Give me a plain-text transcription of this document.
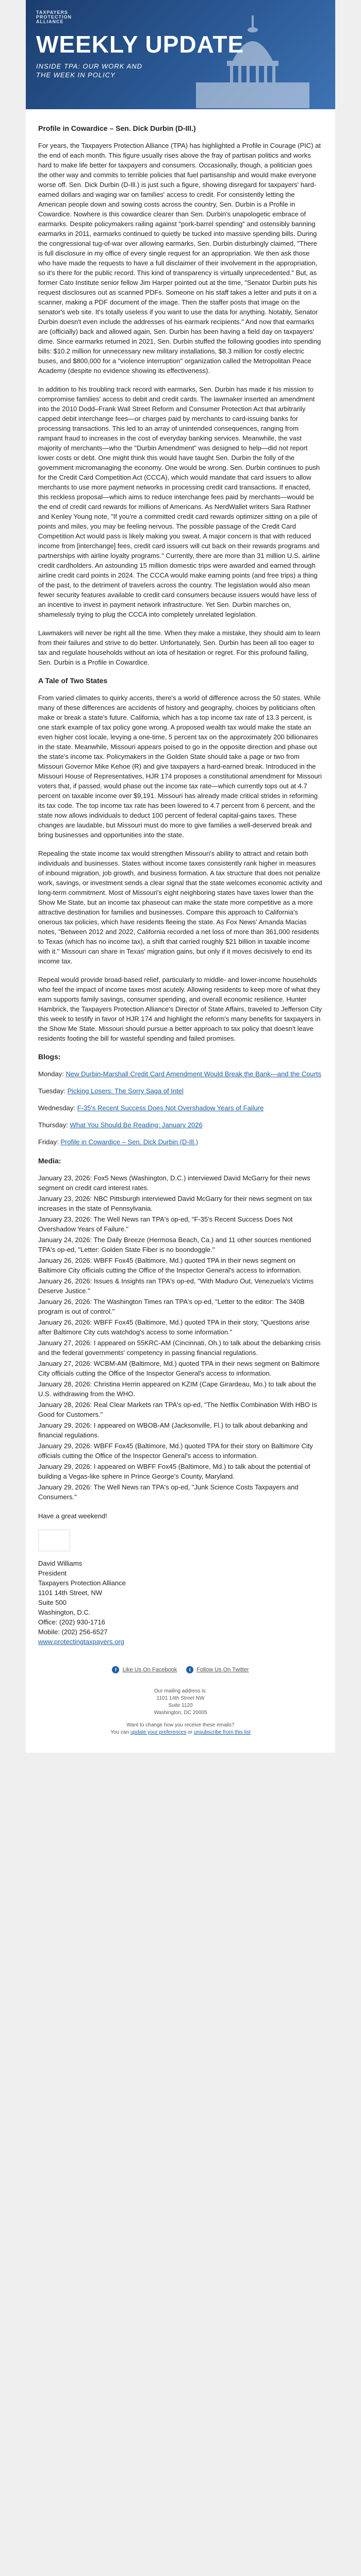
TAXPAYERS
PROTECTION
ALLIANCE
WEEKLY UPDATE
INSIDE TPA: OUR WORK AND THE WEEK IN POLICY
Profile in Cowardice – Sen. Dick Durbin (D-Ill.)

For years, the Taxpayers Protection Alliance (TPA) has highlighted a Profile in Courage (PIC) at the end of each month. This figure usually rises above the fray of partisan politics and works hard to make life better for taxpayers and consumers. Occasionally, though, a politician goes the other way and commits to terrible policies that fuel partisanship and would make everyone worse off. Sen. Dick Durbin (D-Ill.) is just such a figure, showing disregard for taxpayers' hard-earned dollars and waging war on families' access to credit. For consistently letting the American people down and sowing costs across the country, Sen. Durbin is a Profile in Cowardice. Nowhere is this cowardice clearer than Sen. Durbin's unapologetic embrace of earmarks. Despite policymakers railing against "pork-barrel spending" and ostensibly banning earmarks in 2011, earmarks continued to quietly be tucked into massive spending bills. During the congressional tug-of-war over allowing earmarks, Sen. Durbin disturbingly claimed, "There is full disclosure in my office of every single request for an appropriation. We then ask those who have made the requests to have a full disclaimer of their involvement in the appropriation, so it's there for the public record. This kind of transparency is virtually unprecedented." But, as former Cato Institute senior fellow Jim Harper pointed out at the time, "Senator Durbin puts his request disclosures out as scanned PDFs. Someone on his staff takes a letter and puts it on a scanner, making a PDF document of the image. Then the staffer posts that image on the senator's web site. It's totally useless if you want to use the data for anything. Notably, Senator Durbin doesn't even include the addresses of his earmark recipients." And now that earmarks are (officially) back and allowed again, Sen. Durbin has been having a field day on taxpayers' dime. Since earmarks returned in 2021, Sen. Durbin stuffed the following goodies into spending bills: $10.2 million for unnecessary new military installations, $8.3 million for costly electric buses, and $800,000 for a "violence interruption" organization called the Metropolitan Peace Academy (despite no evidence showing its effectiveness).

In addition to his troubling track record with earmarks, Sen. Durbin has made it his mission to compromise families' access to debit and credit cards. The lawmaker inserted an amendment into the 2010 Dodd–Frank Wall Street Reform and Consumer Protection Act that arbitrarily capped debit interchange fees—or charges paid by merchants to card-issuing banks for processing transactions. This led to an array of unintended consequences, ranging from rampant fraud to increases in the cost of everyday banking services. Meanwhile, the vast majority of merchants—who the "Durbin Amendment" was designed to help—did not report lower costs or debt. One might think this would have taught Sen. Durbin the folly of the government micromanaging the economy. One would be wrong. Sen. Durbin continues to push for the Credit Card Competition Act (CCCA), which would mandate that card issuers to allow merchants to use more payment networks in processing credit card transactions. If enacted, this reckless proposal—which aims to reduce interchange fees paid by merchants—would be the end of credit card rewards for millions of Americans. As NerdWallet writers Sara Rathner and Kenley Young note, "If you're a committed credit card rewards optimizer sitting on a pile of points and miles, you may be feeling nervous. The possible passage of the Credit Card Competition Act would pass is likely making you sweat. A major concern is that with reduced income from [interchange] fees, credit card issuers will cut back on their rewards programs and partnerships with airline loyalty programs." Currently, there are more than 31 million U.S. airline credit cardholders. An astounding 15 million domestic trips were awarded and earned through airline credit card points in 2024. The CCCA would make earning points (and free trips) a thing of the past, to the detriment of travelers across the country. The legislation would also mean fewer security features available to credit card consumers because issuers would have less of an incentive to invest in payment network infrastructure. Yet Sen. Durbin marches on, shamelessly trying to plug the CCCA into completely unrelated legislation.

Lawmakers will never be right all the time. When they make a mistake, they should aim to learn from their failures and strive to do better. Unfortunately, Sen. Durbin has been all too eager to tax and regulate households without an iota of hesitation or regret. For this profound failing, Sen. Durbin is a Profile in Cowardice.

A Tale of Two States

From varied climates to quirky accents, there's a world of difference across the 50 states. While many of these differences are accidents of history and geography, choices by politicians often make or break a state's future. California, which has a top income tax rate of 13.3 percent, is one stark example of tax policy gone wrong. A proposed wealth tax would make the state an even higher cost locale, levying a one-time, 5 percent tax on the approximately 200 billionaires in the state. Meanwhile, Missouri appears poised to go in the opposite direction and phase out the state's income tax. Policymakers in the Golden State should take a page or two from Missouri Governor Mike Kehoe (R) and give taxpayers a hard-earned break. Introduced in the Missouri House of Representatives, HJR 174 proposes a constitutional amendment for Missouri voters that, if passed, would phase out the income tax rate—which currently tops out at 4.7 percent on taxable income over $9,191. Missouri has already made critical strides in reforming its tax code. The top income tax rate has been lowered to 4.7 percent from 6 percent, and the state now allows individuals to deduct 100 percent of federal capital-gains taxes. These changes are laudable, but Missouri must do more to give families a well-deserved break and bring businesses and opportunities into the state.

Repealing the state income tax would strengthen Missouri's ability to attract and retain both individuals and businesses. States without income taxes consistently rank higher in measures of inbound migration, job growth, and business formation. A tax structure that does not penalize work, savings, or investment sends a clear signal that the state welcomes economic activity and long-term commitment. Most of Missouri's eight neighboring states have taxes lower than the Show Me State, but an income tax phaseout can make the state more competitive as a more attractive destination for families and businesses. Compare this approach to California's onerous tax policies, which have residents fleeing the state. As Fox News' Amanda Macias notes, "Between 2012 and 2022, California recorded a net loss of more than 361,000 residents to Texas (which has no income tax), a shift that carried roughly $21 billion in taxable income with it." Missouri can share in Texas' migration gains, but only if it moves decisively to end its income tax.

Repeal would provide broad-based relief, particularly to middle- and lower-income households who feel the impact of income taxes most acutely. Allowing residents to keep more of what they earn supports family savings, consumer spending, and overall economic resilience. Hunter Hambrick, the Taxpayers Protection Alliance's Director of State Affairs, traveled to Jefferson City this week to testify in favor of HJR 174 and highlight the reform's many benefits for taxpayers in the Show Me State. Missouri should pursue a better approach to tax policy that doesn't leave residents footing the bill for wasteful spending and failed promises.

Blogs:
Monday: New Durbin-Marshall Credit Card Amendment Would Break the Bank—and the Courts
Tuesday: Picking Losers: The Sorry Saga of Intel
Wednesday: F-35's Recent Success Does Not Overshadow Years of Failure
Thursday: What You Should Be Reading: January 2026
Friday: Profile in Cowardice – Sen. Dick Durbin (D-Ill.)
Media:
January 23, 2026: Fox5 News (Washington, D.C.) interviewed David McGarry for their news segment on credit card interest rates.
January 23, 2026: NBC Pittsburgh interviewed David McGarry for their news segment on tax increases in the state of Pennsylvania.
January 23, 2026: The Well News ran TPA's op-ed, "F-35's Recent Success Does Not Overshadow Years of Failure."
January 24, 2026: The Daily Breeze (Hermosa Beach, Ca.) and 11 other sources mentioned TPA's op-ed, "Letter: Golden State Fiber is no boondoggle."
January 26, 2026: WBFF Fox45 (Baltimore, Md.) quoted TPA in their news segment on Baltimore City officials cutting the Office of the Inspector General's access to information.
January 26, 2026: Issues & Insights ran TPA's op-ed, "With Maduro Out, Venezuela's Victims Deserve Justice."
January 26, 2026: The Washington Times ran TPA's op-ed, "Letter to the editor: The 340B program is out of control."
January 26, 2026: WBFF Fox45 (Baltimore, Md.) quoted TPA in their story, "Questions arise after Baltimore City cuts watchdog's access to some information."
January 27, 2026: I appeared on 55KRC-AM (Cincinnati, Oh.) to talk about the debanking crisis and the federal governments' competency in passing financial regulations.
January 27, 2026: WCBM-AM (Baltimore, Md.) quoted TPA in their news segment on Baltimore City officials cutting the Office of the Inspector General's access to information.
January 28, 2026: Christina Herrin appeared on KZIM (Cape Girardeau, Mo.) to talk about the U.S. withdrawing from the WHO.
January 28, 2026: Real Clear Markets ran TPA's op-ed, "The Netflix Combination With HBO Is Good for Customers."
January 29, 2026: I appeared on WBOB-AM (Jacksonville, Fl.) to talk about debanking and financial regulations.
January 29, 2026: WBFF Fox45 (Baltimore, Md.) quoted TPA for their story on Baltimore City officials cutting the Office of the Inspector General's access to information.
January 29, 2026: I appeared on WBFF Fox45 (Baltimore, Md.) to talk about the potential of building a Vegas-like sphere in Prince George's County, Maryland.
January 29, 2026: The Well News ran TPA's op-ed, "Junk Science Costs Taxpayers and Consumers."

Have a great weekend!

David Williams
President
Taxpayers Protection Alliance
1101 14th Street, NW
Suite 500
Washington, D.C.
Office: (202) 930-1716
Mobile: (202) 256-6527
www.protectingtaxpayers.org
f	Like Us On Facebook	t	Follow Us On Twitter
Our mailing address is:
1101 14th Street NW
Suite 1120
Washington, DC 20005
Want to change how you receive these emails?
You can update your preferences or unsubscribe from this list
